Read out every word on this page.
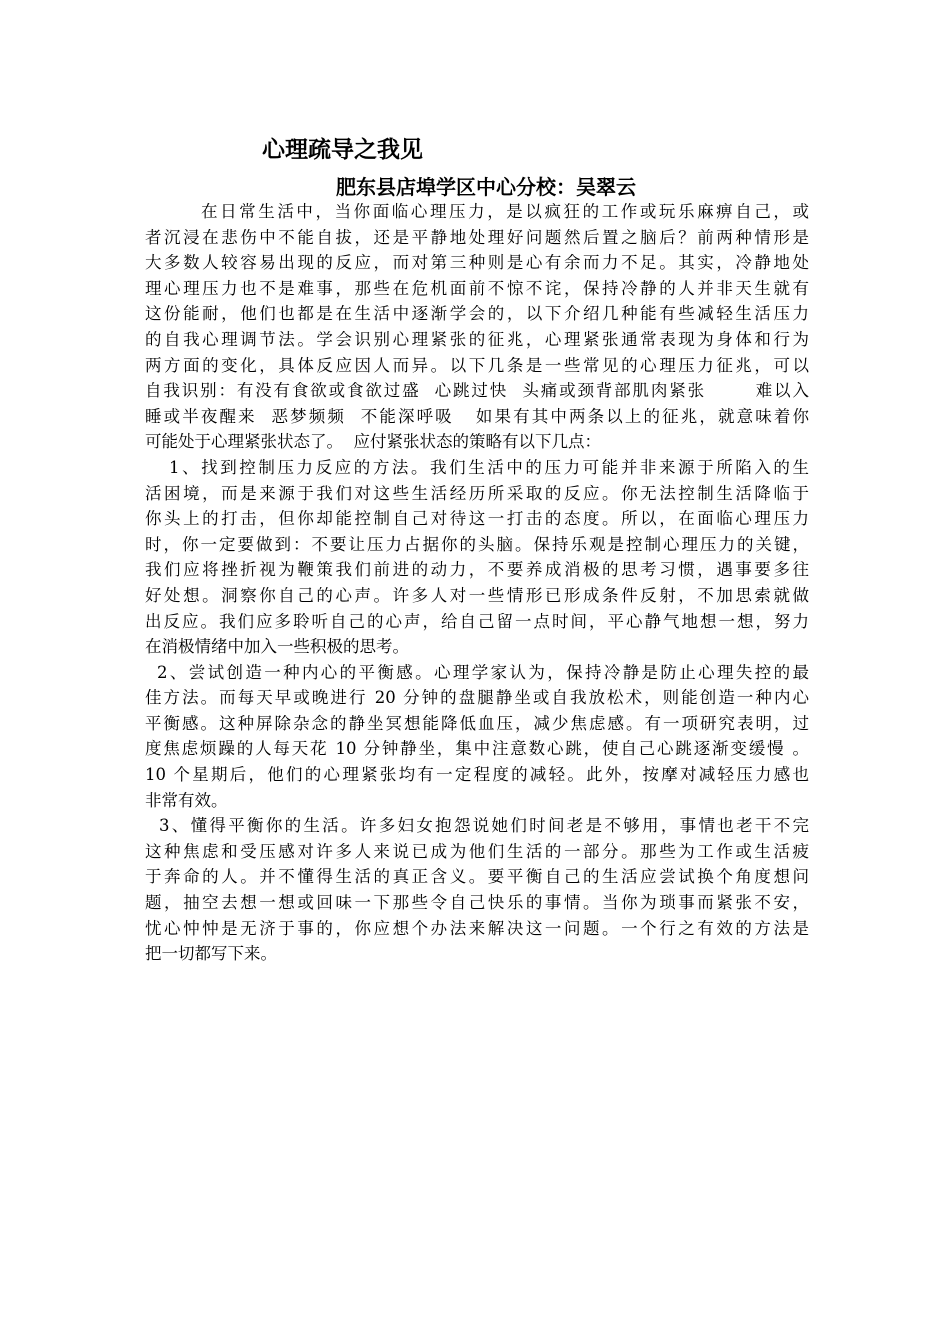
心理疏导之我见
肥东县店埠学区中心分校：吴翠云
在日常生活中，当你面临心理压力，是以疯狂的工作或玩乐麻痹自己，或
者沉浸在悲伤中不能自拔，还是平静地处理好问题然后置之脑后？前两种情形是
大多数人较容易出现的反应，而对第三种则是心有余而力不足。其实，冷静地处
理心理压力也不是难事，那些在危机面前不惊不诧，保持冷静的人并非天生就有
这份能耐，他们也都是在生活中逐渐学会的，以下介绍几种能有些减轻生活压力
的自我心理调节法。学会识别心理紧张的征兆，心理紧张通常表现为身体和行为
两方面的变化，具体反应因人而异。以下几条是一些常见的心理压力征兆，可以
自我识别：有没有食欲或食欲过盛  心跳过快  头痛或颈背部肌肉紧张       难以入
睡或半夜醒来  恶梦频频  不能深呼吸   如果有其中两条以上的征兆，就意味着你
可能处于心理紧张状态了。  应付紧张状态的策略有以下几点：
1、找到控制压力反应的方法。我们生活中的压力可能并非来源于所陷入的生
活困境，而是来源于我们对这些生活经历所采取的反应。你无法控制生活降临于
你头上的打击，但你却能控制自己对待这一打击的态度。所以，在面临心理压力
时，你一定要做到：不要让压力占据你的头脑。保持乐观是控制心理压力的关键，
我们应将挫折视为鞭策我们前进的动力，不要养成消极的思考习惯，遇事要多往
好处想。洞察你自己的心声。许多人对一些情形已形成条件反射，不加思索就做
出反应。我们应多聆听自己的心声，给自己留一点时间，平心静气地想一想，努力
在消极情绪中加入一些积极的思考。
2、尝试创造一种内心的平衡感。心理学家认为，保持冷静是防止心理失控的最
佳方法。而每天早或晚进行 20 分钟的盘腿静坐或自我放松术，则能创造一种内心
平衡感。这种屏除杂念的静坐冥想能降低血压，减少焦虑感。有一项研究表明，过
度焦虑烦躁的人每天花 10 分钟静坐，集中注意数心跳，使自己心跳逐渐变缓慢 。
10 个星期后，他们的心理紧张均有一定程度的减轻。此外，按摩对减轻压力感也
非常有效。
3、懂得平衡你的生活。许多妇女抱怨说她们时间老是不够用，事情也老干不完
这种焦虑和受压感对许多人来说已成为他们生活的一部分。那些为工作或生活疲
于奔命的人。并不懂得生活的真正含义。要平衡自己的生活应尝试换个角度想问
题，抽空去想一想或回味一下那些令自己快乐的事情。当你为琐事而紧张不安，
忧心忡忡是无济于事的，你应想个办法来解决这一问题。一个行之有效的方法是
把一切都写下来。
